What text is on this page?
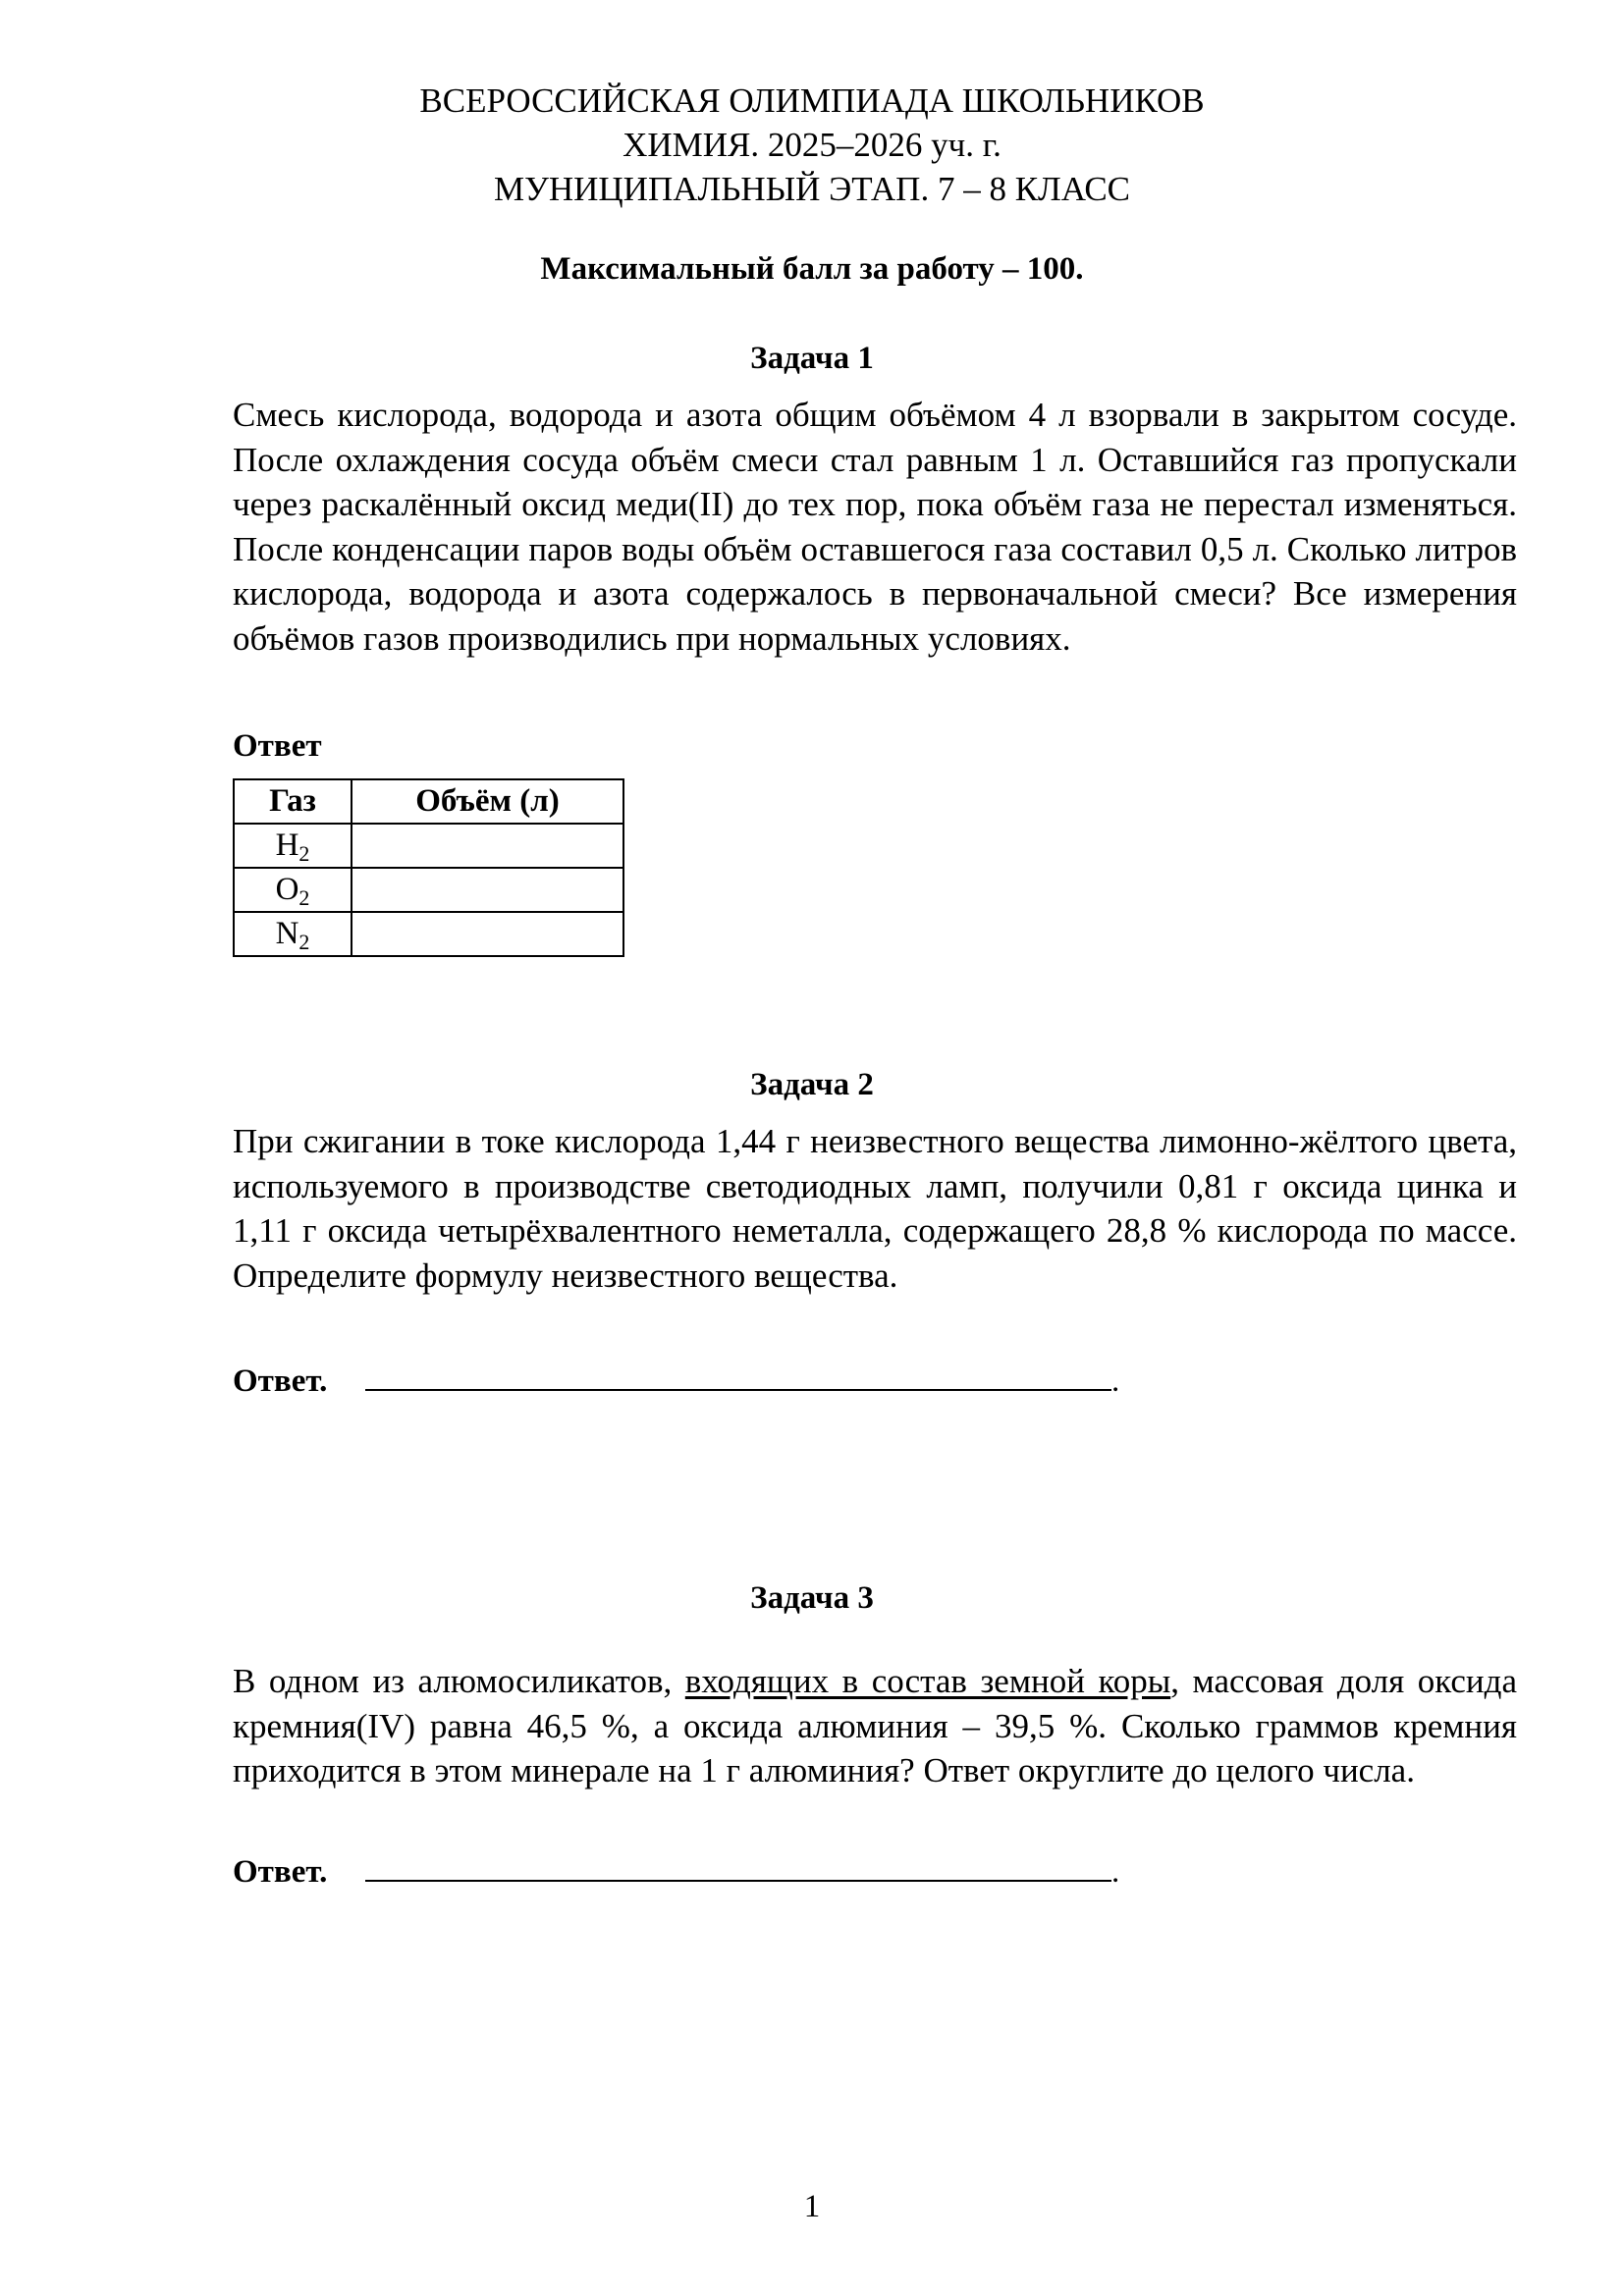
ВСЕРОССИЙСКАЯ ОЛИМПИАДА ШКОЛЬНИКОВ
ХИМИЯ. 2025–2026 уч. г.
МУНИЦИПАЛЬНЫЙ ЭТАП. 7 – 8 КЛАСС
Максимальный балл за работу – 100.
Задача 1
Смесь кислорода, водорода и азота общим объёмом 4 л взорвали в закрытом сосуде. После охлаждения сосуда объём смеси стал равным 1 л. Оставшийся газ пропускали через раскалённый оксид меди(II) до тех пор, пока объём газа не перестал изменяться. После конденсации паров воды объём оставшегося газа составил 0,5 л. Сколько литров кислорода, водорода и азота содержалось в первоначальной смеси? Все измерения объёмов газов производились при нормальных условиях.
Ответ
Газ	Объём (л)
$H_2$	
$O_2$	
$N_2$	
Задача 2
При сжигании в токе кислорода 1,44 г неизвестного вещества лимонно-жёлтого цвета, используемого в производстве светодиодных ламп, получили 0,81 г оксида цинка и 1,11 г оксида четырёхвалентного неметалла, содержащего 28,8 % кислорода по массе. Определите формулу неизвестного вещества.
Ответ.	.
Задача 3
В одном из алюмосиликатов, входящих в состав земной коры, массовая доля оксида кремния(IV) равна 46,5 %, а оксида алюминия – 39,5 %. Сколько граммов кремния приходится в этом минерале на 1 г алюминия? Ответ округлите до целого числа.
Ответ.	.
1
